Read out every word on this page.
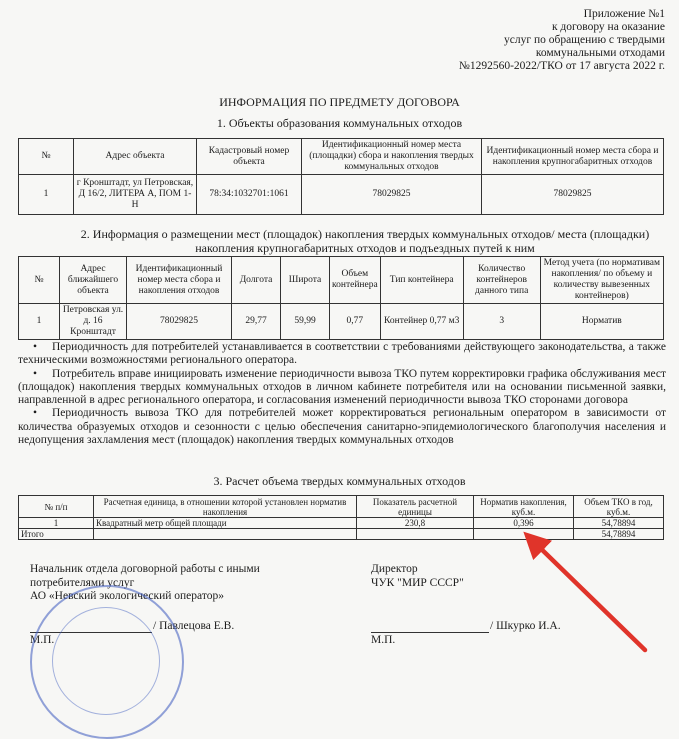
Приложение №1
к договору на оказание
услуг по обращению с твердыми
коммунальными отходами
№1292560-2022/ТКО от 17 августа 2022 г.
ИНФОРМАЦИЯ ПО ПРЕДМЕТУ ДОГОВОРА
1. Объекты образования коммунальных отходов
№	Адрес объекта	Кадастровый номер объекта	Идентификационный номер места (площадки) сбора и накопления твердых коммунальных отходов	Идентификационный номер места сбора и накопления крупногабаритных отходов
1	г Кронштадт, ул Петровская, Д 16/2, ЛИТЕРА А, ПОМ 1-Н	78:34:1032701:1061	78029825	78029825
2. Информация о размещении мест (площадок) накопления твердых коммунальных отходов/ места (площадки) накопления крупногабаритных отходов и подъездных путей к ним
№	Адрес ближайшего объекта	Идентификационный номер места сбора и накопления отходов	Долгота	Широта	Объем контейнера	Тип контейнера	Количество контейнеров данного типа	Метод учета (по нормативам накопления/ по объему и количеству вывезенных контейнеров)
1	Петровская ул. д. 16 Кронштадт	78029825	29,77	59,99	0,77	Контейнер 0,77 м3	3	Норматив

• Периодичность для потребителей устанавливается в соответствии с требованиями действующего законодательства, а также техническими возможностями регионального оператора.

• Потребитель вправе инициировать изменение периодичности вывоза ТКО путем корректировки графика обслуживания мест (площадок) накопления твердых коммунальных отходов в личном кабинете потребителя или на основании письменной заявки, направленной в адрес регионального оператора, и согласования изменений периодичности вывоза ТКО сторонами договора

• Периодичность вывоза ТКО для потребителей может корректироваться региональным оператором в зависимости от количества образуемых отходов и сезонности с целью обеспечения санитарно-эпидемиологического благополучия населения и недопущения захламления мест (площадок) накопления твердых коммунальных отходов

3. Расчет объема твердых коммунальных отходов
№ п/п	Расчетная единица, в отношении которой установлен норматив накопления	Показатель расчетной единицы	Норматив накопления, куб.м.	Объем ТКО в год, куб.м.
1	Квадратный метр общей площади	230,8	0,396	54,78894
Итого				54,78894
Начальник отдела договорной работы с иными
потребителями услуг
АО «Невский экологический оператор»
/ Павлецова Е.В.
М.П.
Директор
ЧУК "МИР СССР"
/ Шкурко И.А.
М.П.
